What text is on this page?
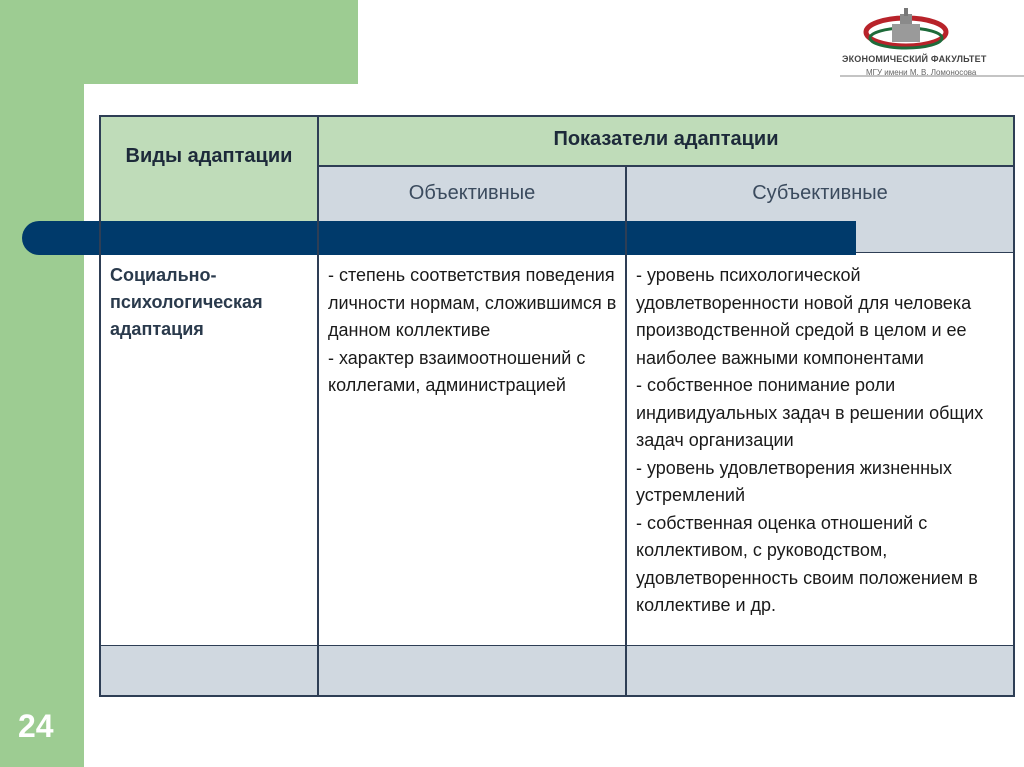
24
ЭКОНОМИЧЕСКИЙ ФАКУЛЬТЕТ
МГУ имени М. В. Ломоносова
Виды адаптации
Показатели адаптации
Объективные	Субъективные
Социально-психологическая адаптация
- степень соответствия поведения личности нормам, сложившимся в данном коллективе
- характер взаимоотношений с коллегами, администрацией
- уровень психологической удовлетворенности новой для человека производственной средой в целом и ее наиболее важными компонентами
- собственное понимание роли индивидуальных задач в решении общих задач организации
- уровень удовлетворения жизненных устремлений
- собственная оценка отношений с коллективом, с руководством, удовлетворенность своим положением в коллективе и др.
